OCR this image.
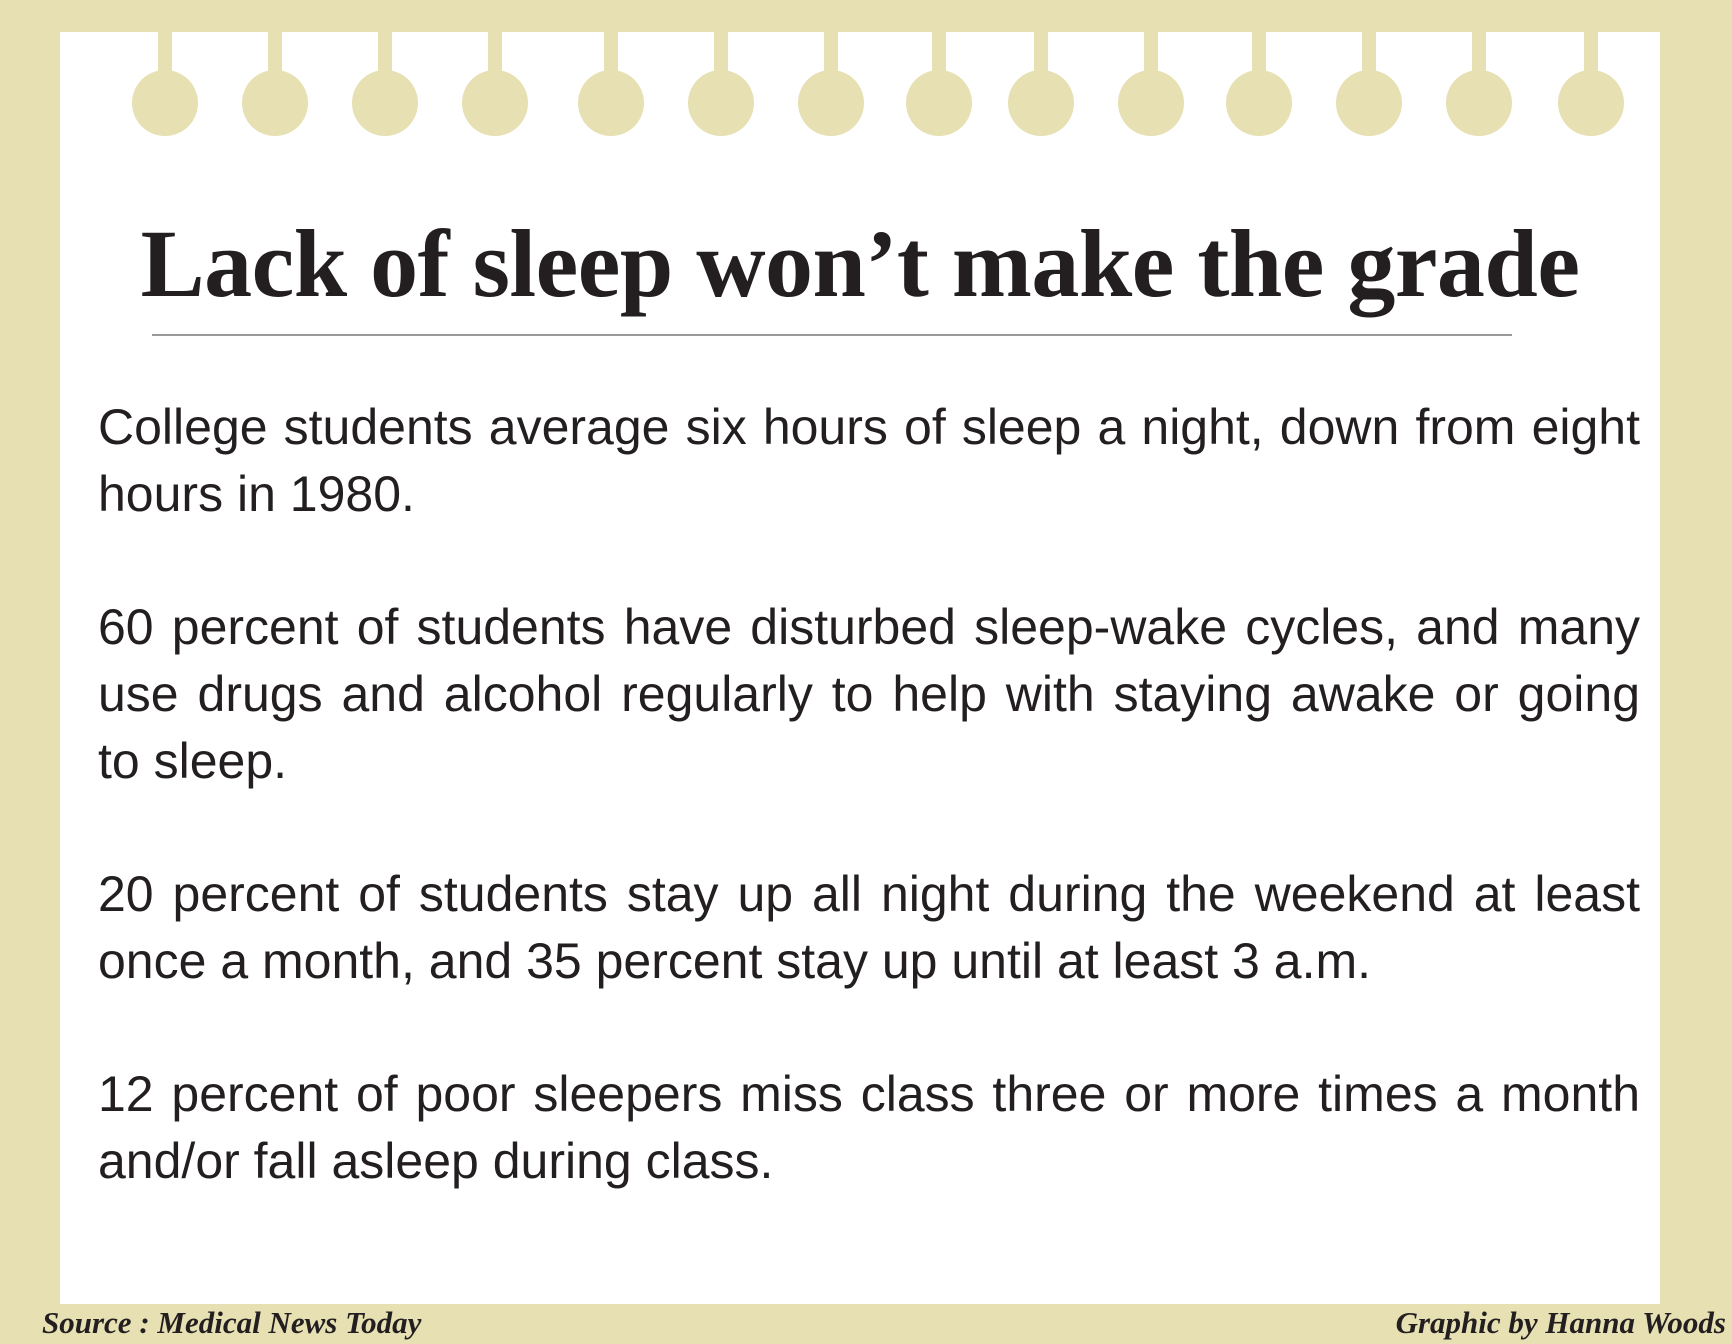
Lack of sleep won’t make the grade
College students average six hours of sleep a night, down from eight hours in 1980.
60 percent of students have disturbed sleep-wake cycles, and many use drugs and alcohol regularly to help with staying awake or going to sleep.
20 percent of students stay up all night during the weekend at least once a month, and 35 percent stay up until at least 3 a.m.
12 percent of poor sleepers miss class three or more times a month and/or fall asleep during class.
Source : Medical News Today	Graphic by Hanna Woods
